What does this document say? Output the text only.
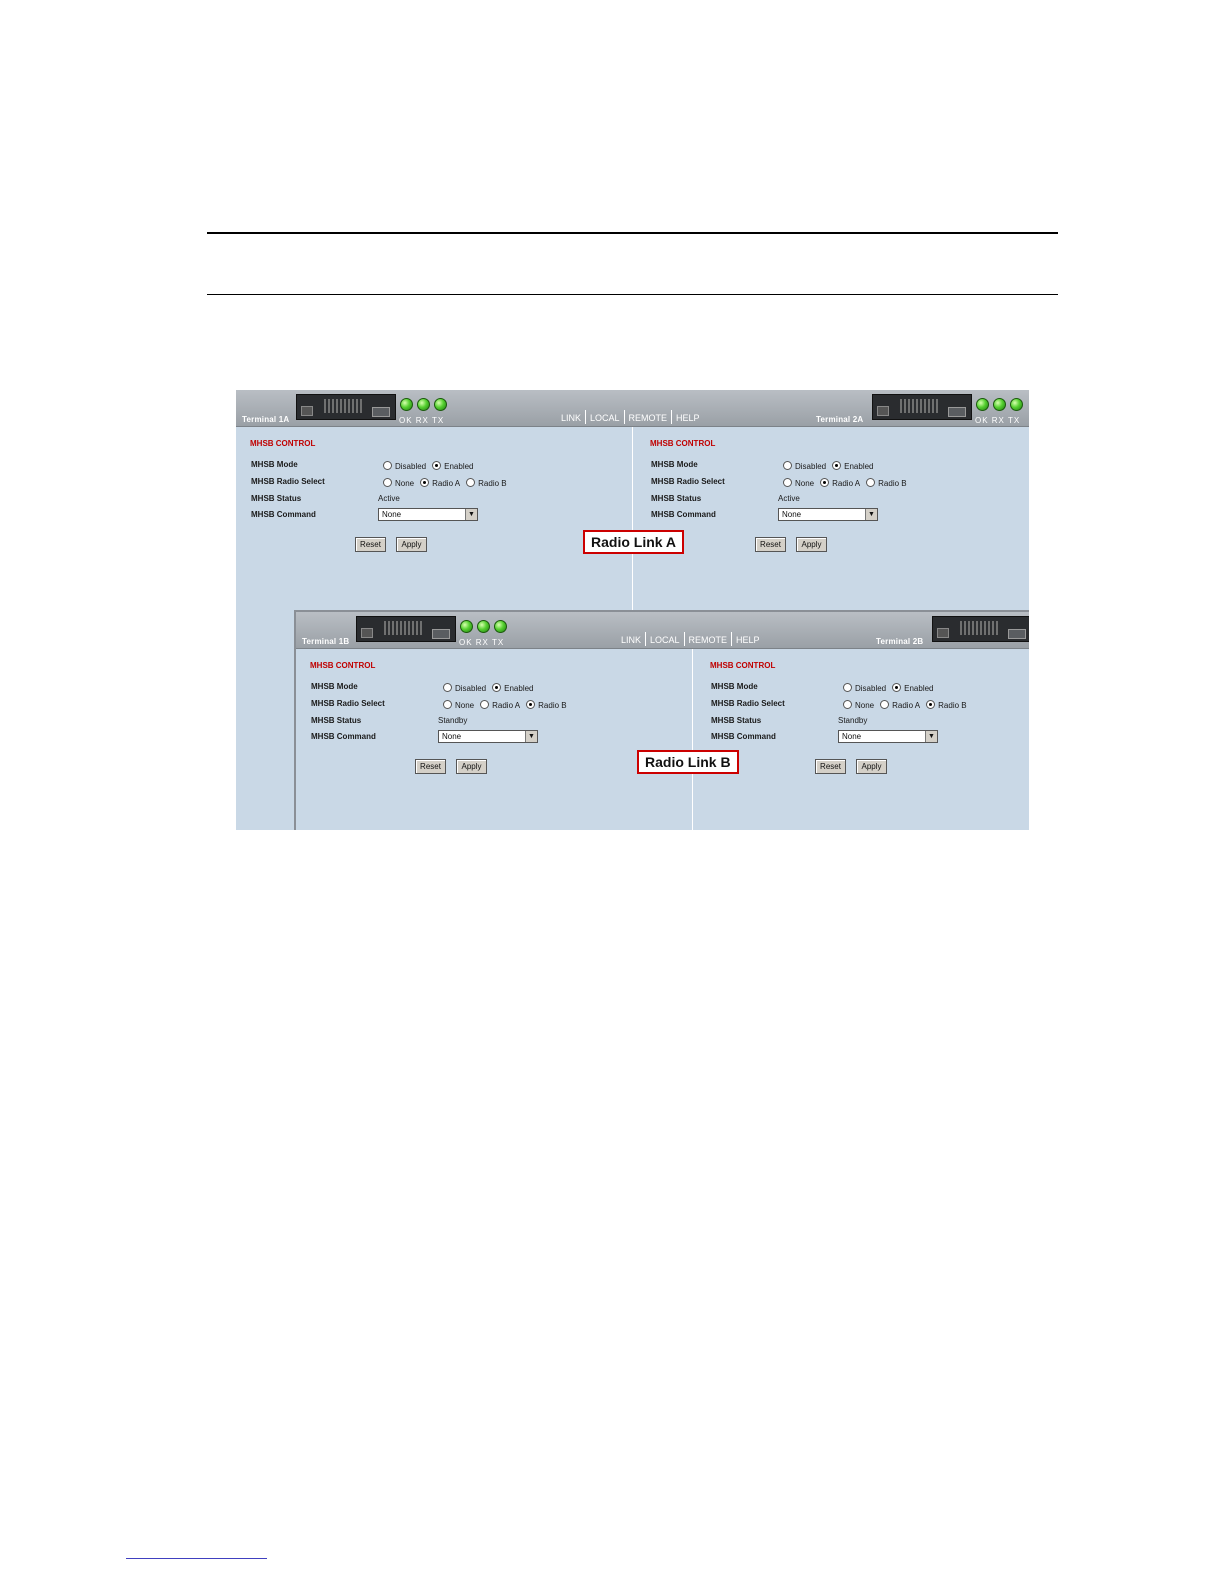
OK RX TX
Terminal 1A	LINK LOCAL REMOTE HELP	OK RX TX
Terminal 2A
MHSB CONTROL
MHSB Mode	Disabled Enabled
MHSB Radio Select	None Radio A Radio B
MHSB Status	Active
MHSB Command	None	▼
Reset	Apply
MHSB CONTROL
MHSB Mode	Disabled Enabled
MHSB Radio Select	None Radio A Radio B
MHSB Status	Active
MHSB Command	None	▼
Reset	Apply
OK RX TX
Terminal 1B	LINK LOCAL REMOTE HELP	Terminal 2B
MHSB CONTROL
MHSB Mode	Disabled Enabled
MHSB Radio Select	None Radio A Radio B
MHSB Status	Standby
MHSB Command	None	▼
Reset	Apply
MHSB CONTROL
MHSB Mode	Disabled Enabled
MHSB Radio Select	None Radio A Radio B
MHSB Status	Standby
MHSB Command	None	▼
Reset	Apply
Radio Link A
Radio Link B
